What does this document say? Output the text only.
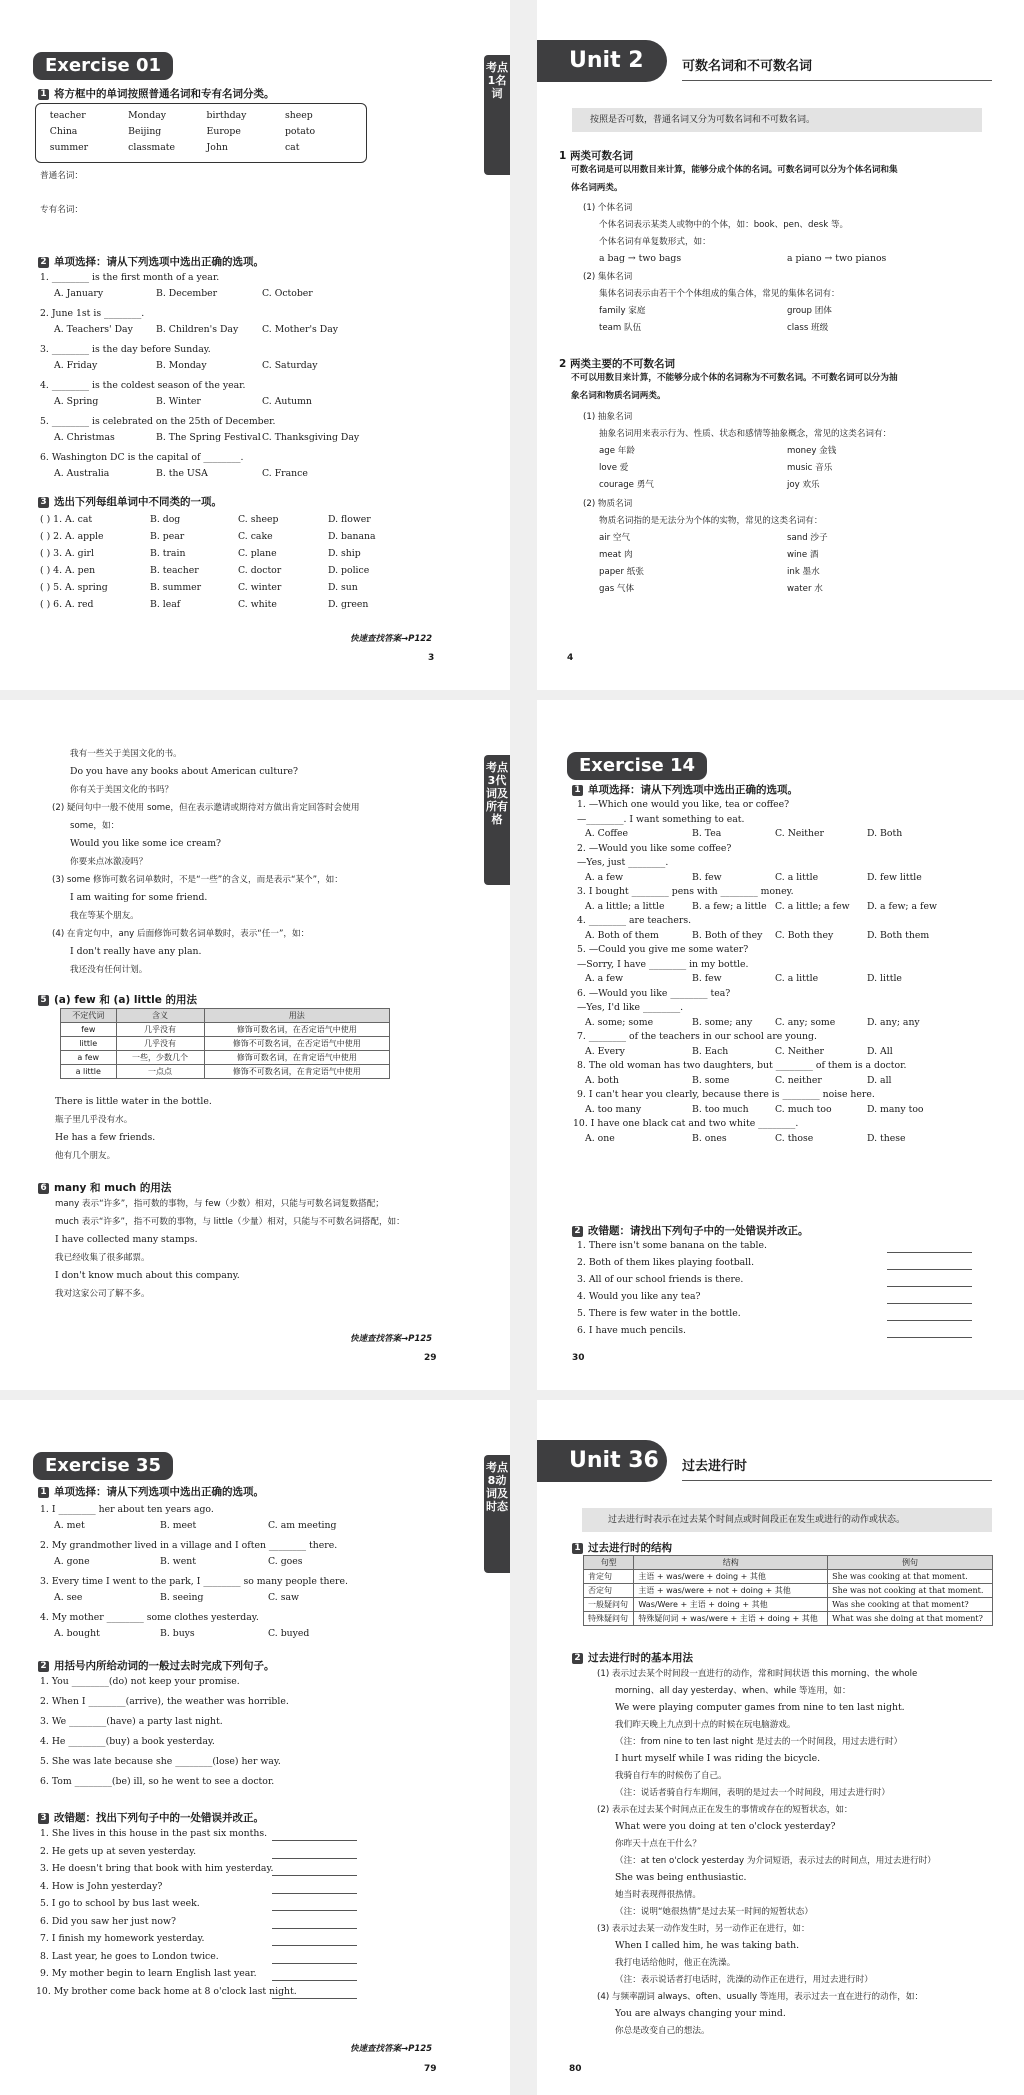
Exercise 01	考点1名词
1 将方框中的单词按照普通名词和专有名词分类。
teacher	Monday	birthday	sheep
China	Beijing	Europe	potato
summer	classmate	John	cat
普通名词：
专有名词：
2 单项选择：请从下列选项中选出正确的选项。
1. ________ is the first month of a year.
A. January	B. December	C. October
2. June 1st is ________.
A. Teachers' Day B. Children's Day	C. Mother's Day
3. ________ is the day before Sunday.
A. Friday	B. Monday	C. Saturday
4. ________ is the coldest season of the year.
A. Spring	B. Winter	C. Autumn
5. ________ is celebrated on the 25th of December.
A. Christmas	B. The Spring Festival C. Thanksgiving Day
6. Washington DC is the capital of ________.
A. Australia	B. the USA	C. France
3 选出下列每组单词中不同类的一项。
( ) 1. A. cat	B. dog	C. sheep	D. flower
( ) 2. A. apple	B. pear	C. cake	D. banana
( ) 3. A. girl	B. train	C. plane	D. ship
( ) 4. A. pen	B. teacher	C. doctor	D. police
( ) 5. A. spring	B. summer	C. winter	D. sun
( ) 6. A. red	B. leaf	C. white	D. green
快速查找答案→P122
3
Unit 2	可数名词和不可数名词
按照是否可数，普通名词又分为可数名词和不可数名词。
1 两类可数名词
可数名词是可以用数目来计算，能够分成个体的名词。可数名词可以分为个体名词和集
体名词两类。
(1) 个体名词
个体名词表示某类人或物中的个体，如：book、pen、desk 等。
个体名词有单复数形式，如：
a bag → two bags	a piano → two pianos
(2) 集体名词
集体名词表示由若干个个体组成的集合体，常见的集体名词有：
family 家庭	group 团体
team 队伍	class 班级
2 两类主要的不可数名词
不可以用数目来计算，不能够分成个体的名词称为不可数名词。不可数名词可以分为抽
象名词和物质名词两类。
(1) 抽象名词
抽象名词用来表示行为、性质、状态和感情等抽象概念，常见的这类名词有：
age 年龄	money 金钱
love 爱	music 音乐
courage 勇气	joy 欢乐
(2) 物质名词
物质名词指的是无法分为个体的实物，常见的这类名词有：
air 空气	sand 沙子
meat 肉	wine 酒
paper 纸张	ink 墨水
gas 气体	water 水
4
考点3代词及所有格
我有一些关于美国文化的书。
Do you have any books about American culture?
你有关于美国文化的书吗？
(2) 疑问句中一般不使用 some，但在表示邀请或期待对方做出肯定回答时会使用
some，如：
Would you like some ice cream?
你要来点冰激凌吗？
(3) some 修饰可数名词单数时，不是“一些”的含义，而是表示“某个”，如：
I am waiting for some friend.
我在等某个朋友。
(4) 在肯定句中，any 后面修饰可数名词单数时，表示“任一”，如：
I don't really have any plan.
我还没有任何计划。
5 (a) few 和 (a) little 的用法
不定代词	含义	用法
few	几乎没有	修饰可数名词，在否定语气中使用
little	几乎没有	修饰不可数名词，在否定语气中使用
a few	一些，少数几个	修饰可数名词，在肯定语气中使用
a little	一点点	修饰不可数名词，在肯定语气中使用
There is little water in the bottle.
瓶子里几乎没有水。
He has a few friends.
他有几个朋友。
6 many 和 much 的用法
many 表示“许多”，指可数的事物，与 few（少数）相对，只能与可数名词复数搭配；
much 表示“许多”，指不可数的事物，与 little（少量）相对，只能与不可数名词搭配，如：
I have collected many stamps.
我已经收集了很多邮票。
I don't know much about this company.
我对这家公司了解不多。
快速查找答案→P125
29
Exercise 14
1 单项选择：请从下列选项中选出正确的选项。
1. —Which one would you like, tea or coffee?
—________. I want something to eat.
A. Coffee	B. Tea	C. Neither	D. Both
2. —Would you like some coffee?
—Yes, just ________.
A. a few	B. few	C. a little	D. few little
3. I bought ________ pens with ________ money.
A. a little; a little	B. a few; a little C. a little; a few D. a few; a few
4. ________ are teachers.
A. Both of them	B. Both of they C. Both they	D. Both them
5. —Could you give me some water?
—Sorry, I have ________ in my bottle.
A. a few	B. few	C. a little	D. little
6. —Would you like ________ tea?
—Yes, I'd like ________.
A. some; some	B. some; any C. any; some	D. any; any
7. ________ of the teachers in our school are young.
A. Every	B. Each	C. Neither	D. All
8. The old woman has two daughters, but ________ of them is a doctor.
A. both	B. some	C. neither	D. all
9. I can't hear you clearly, because there is ________ noise here.
A. too many	B. too much	C. much too	D. many too
10. I have one black cat and two white ________.
A. one	B. ones	C. those	D. these
2 改错题：请找出下列句子中的一处错误并改正。
1. There isn't some banana on the table.
2. Both of them likes playing football.
3. All of our school friends is there.
4. Would you like any tea?
5. There is few water in the bottle.
6. I have much pencils.
30
Exercise 35	考点8动词及时态
1 单项选择：请从下列选项中选出正确的选项。
1. I ________ her about ten years ago.
A. met	B. meet	C. am meeting
2. My grandmother lived in a village and I often ________ there.
A. gone	B. went	C. goes
3. Every time I went to the park, I ________ so many people there.
A. see	B. seeing	C. saw
4. My mother ________ some clothes yesterday.
A. bought	B. buys	C. buyed
2 用括号内所给动词的一般过去时完成下列句子。
1. You ________(do) not keep your promise.
2. When I ________(arrive), the weather was horrible.
3. We ________(have) a party last night.
4. He ________(buy) a book yesterday.
5. She was late because she ________(lose) her way.
6. Tom ________(be) ill, so he went to see a doctor.
3 改错题：找出下列句子中的一处错误并改正。
1. She lives in this house in the past six months.
2. He gets up at seven yesterday.
3. He doesn't bring that book with him yesterday.
4. How is John yesterday?
5. I go to school by bus last week.
6. Did you saw her just now?
7. I finish my homework yesterday.
8. Last year, he goes to London twice.
9. My mother begin to learn English last year.
10. My brother come back home at 8 o'clock last night.
快速查找答案→P125
79
Unit 36	过去进行时
过去进行时表示在过去某个时间点或时间段正在发生或进行的动作或状态。
1 过去进行时的结构
句型	结构	例句
肯定句	主语 + was/were + doing + 其他	She was cooking at that moment.
否定句	主语 + was/were + not + doing + 其他	She was not cooking at that moment.
一般疑问句	Was/Were + 主语 + doing + 其他	Was she cooking at that moment?
特殊疑问句	特殊疑问词 + was/were + 主语 + doing + 其他	What was she doing at that moment?
2 过去进行时的基本用法
(1) 表示过去某个时间段一直进行的动作，常和时间状语 this morning、the whole
morning、all day yesterday、when、while 等连用，如：
We were playing computer games from nine to ten last night.
我们昨天晚上九点到十点的时候在玩电脑游戏。
（注：from nine to ten last night 是过去的一个时间段，用过去进行时）
I hurt myself while I was riding the bicycle.
我骑自行车的时候伤了自己。
（注：说话者骑自行车期间，表明的是过去一个时间段，用过去进行时）
(2) 表示在过去某个时间点正在发生的事情或存在的短暂状态，如：
What were you doing at ten o'clock yesterday?
你昨天十点在干什么？
（注：at ten o'clock yesterday 为介词短语，表示过去的时间点，用过去进行时）
She was being enthusiastic.
她当时表现得很热情。
（注：说明“她很热情”是过去某一时间的短暂状态）
(3) 表示过去某一动作发生时，另一动作正在进行，如：
When I called him, he was taking bath.
我打电话给他时，他正在洗澡。
（注：表示说话者打电话时，洗澡的动作正在进行，用过去进行时）
(4) 与频率副词 always、often、usually 等连用，表示过去一直在进行的动作，如：
You are always changing your mind.
你总是改变自己的想法。
80
